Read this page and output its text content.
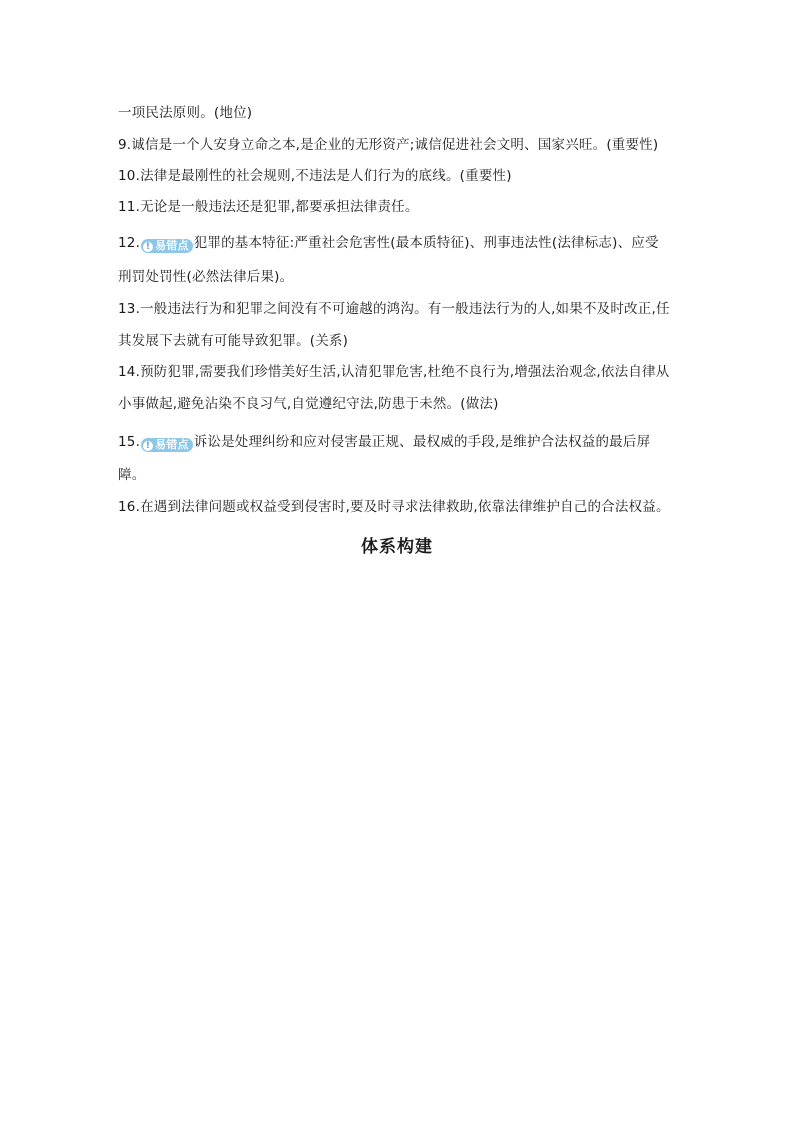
一项民法原则。(地位)
9.诚信是一个人安身立命之本,是企业的无形资产;诚信促进社会文明、国家兴旺。(重要性)
10.法律是最刚性的社会规则,不违法是人们行为的底线。(重要性)
11.无论是一般违法还是犯罪,都要承担法律责任。
12. ! 易错点 犯罪的基本特征:严重社会危害性(最本质特征)、刑事违法性(法律标志)、应受
刑罚处罚性(必然法律后果)。
13.一般违法行为和犯罪之间没有不可逾越的鸿沟。有一般违法行为的人,如果不及时改正,任
其发展下去就有可能导致犯罪。(关系)
14.预防犯罪,需要我们珍惜美好生活,认清犯罪危害,杜绝不良行为,增强法治观念,依法自律从
小事做起,避免沾染不良习气,自觉遵纪守法,防患于未然。(做法)
15. ! 易错点 诉讼是处理纠纷和应对侵害最正规、最权威的手段,是维护合法权益的最后屏
障。
16.在遇到法律问题或权益受到侵害时,要及时寻求法律救助,依靠法律维护自己的合法权益。
体系构建
